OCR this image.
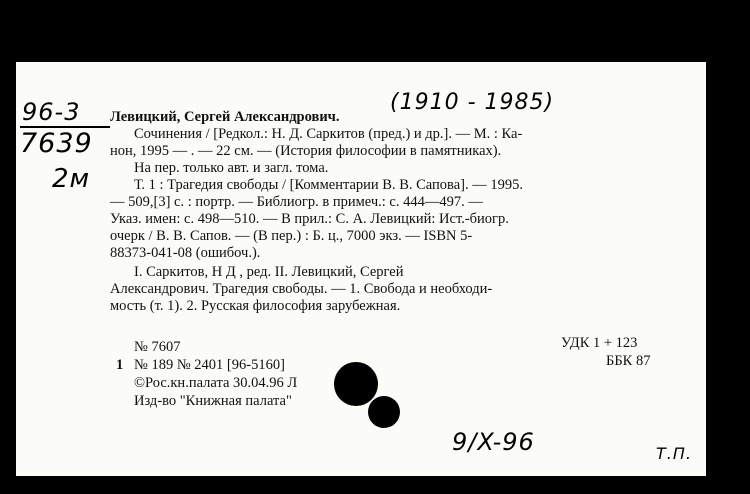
96-3
7639
2м
(1910 - 1985)
Левицкий, Сергей Александрович.
Сочинения / [Редкол.: Н. Д. Саркитов (пред.) и др.]. — М. : Ка-
нон, 1995 — . — 22 см. — (История философии в памятниках).
На пер. только авт. и загл. тома.
Т. 1 : Трагедия свободы / [Комментарии В. В. Сапова]. — 1995.
— 509,[3] с. : портр. — Библиогр. в примеч.: с. 444—497. —
Указ. имен: с. 498—510. — В прил.: С. А. Левицкий: Ист.-биогр.
очерк / В. В. Сапов. — (В пер.) : Б. ц., 7000 экз. — ISBN 5-
88373-041-08 (ошибоч.).
I. Саркитов, Н Д , ред. II. Левицкий, Сергей
Александрович. Трагедия свободы. — 1. Свобода и необходи-
мость (т. 1). 2. Русская философия зарубежная.
№ 7607
1 № 189 № 2401 [96-5160]
©Рос.кн.палата 30.04.96 Л
Изд-во "Книжная палата"
УДК 1 + 123
ББК 87
9/X-96	Т.П.
